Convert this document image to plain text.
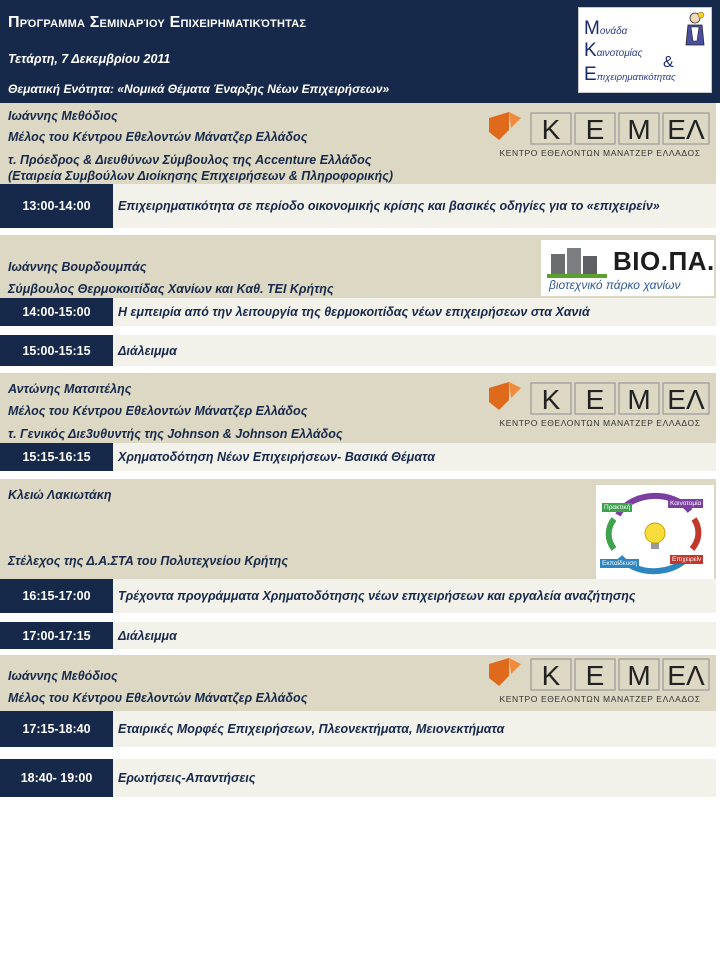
Πρόγραμμα Σεμιναρίου Επιχειρηματικότητας
Τετάρτη, 7 Δεκεμβρίου 2011
Θεματική Ενότητα: «Νομικά Θέματα Έναρξης Νέων Επιχειρήσεων»
Μονάδα
Καινοτομίας
&
Επιχειρηματικότητας
Ιωάννης Μεθόδιος
Μέλος του Κέντρου Εθελοντών Μάνατζερ Ελλάδος
τ. Πρόεδρος & Διευθύνων Σύμβουλος της Accenture Ελλάδος
(Εταιρεία Συμβούλων Διοίκησης Επιχειρήσεων & Πληροφορικής)
Κ Ε Μ ΕΛ
ΚΕΝΤΡΟ ΕΘΕΛΟΝΤΩΝ ΜΑΝΑΤΖΕΡ ΕΛΛΑΔΟΣ
13:00-14:00	Επιχειρηματικότητα σε περίοδο οικονομικής κρίσης και βασικές οδηγίες για το «επιχειρείν»
Ιωάννης Βουρδουμπάς
Σύμβουλος Θερμοκοιτίδας Χανίων και Καθ. ΤΕΙ Κρήτης
ΒΙΟ.ΠΑ.
βιοτεχνικό πάρκο χανίων
14:00-15:00	Η εμπειρία από την λειτουργία της θερμοκοιτίδας νέων επιχειρήσεων στα Χανιά
15:00-15:15	Διάλειμμα
Αντώνης Ματσιτέλης
Μέλος του Κέντρου Εθελοντών Μάνατζερ Ελλάδος
τ. Γενικός Διε3υθυντής της Johnson & Johnson Ελλάδος
Κ Ε Μ ΕΛ
ΚΕΝΤΡΟ ΕΘΕΛΟΝΤΩΝ ΜΑΝΑΤΖΕΡ ΕΛΛΑΔΟΣ
15:15-16:15	Χρηματοδότηση Νέων Επιχειρήσεων- Βασικά Θέματα
Κλειώ Λακιωτάκη
Στέλεχος της Δ.Α.ΣΤΑ του Πολυτεχνείου Κρήτης
Πρακτική
Καινοτομία
Εκπαίδευση
Επιχειρείν
16:15-17:00	Τρέχοντα προγράμματα Χρηματοδότησης νέων επιχειρήσεων και εργαλεία αναζήτησης
17:00-17:15	Διάλειμμα
Ιωάννης Μεθόδιος
Μέλος του Κέντρου Εθελοντών Μάνατζερ Ελλάδος
Κ Ε Μ ΕΛ
ΚΕΝΤΡΟ ΕΘΕΛΟΝΤΩΝ ΜΑΝΑΤΖΕΡ ΕΛΛΑΔΟΣ
17:15-18:40	Εταιρικές Μορφές Επιχειρήσεων, Πλεονεκτήματα, Μειονεκτήματα
18:40- 19:00	Ερωτήσεις-Απαντήσεις
